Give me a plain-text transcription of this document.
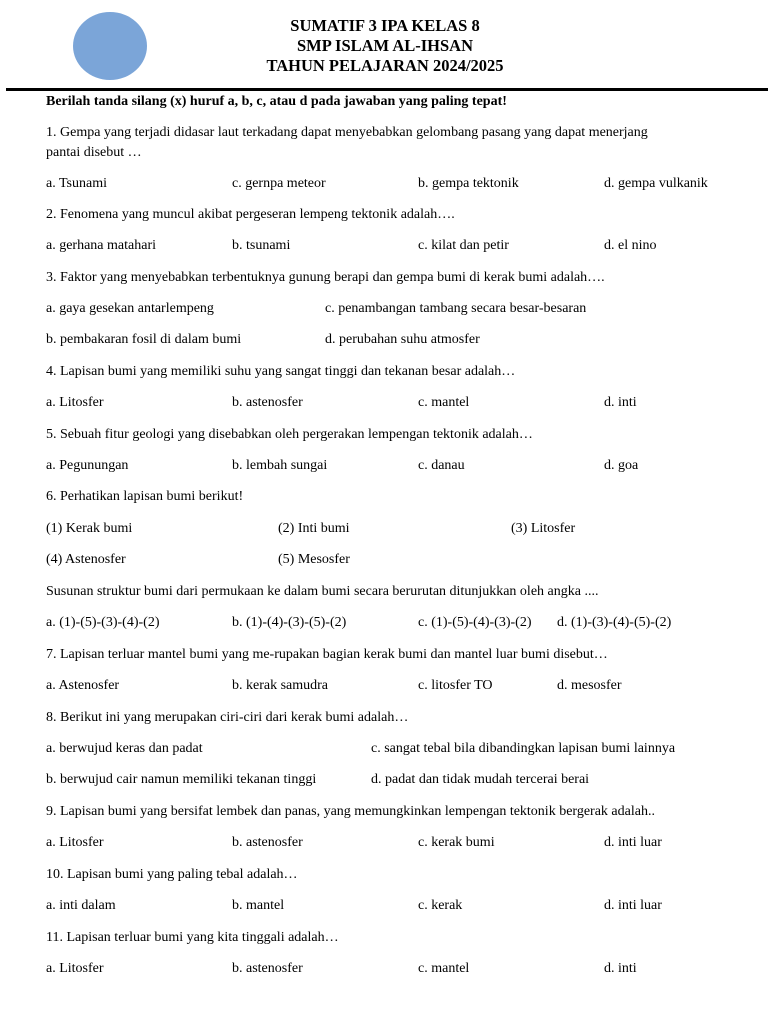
SUMATIF 3 IPA KELAS 8
SMP ISLAM AL-IHSAN
TAHUN PELAJARAN 2024/2025
Berilah tanda silang (x) huruf a, b, c, atau d pada jawaban yang paling tepat!
1. Gempa yang terjadi didasar laut terkadang dapat menyebabkan gelombang pasang yang dapat menerjang
pantai disebut …
a. Tsunami	c. gernpa meteor	b. gempa tektonik	d. gempa vulkanik
2. Fenomena yang muncul akibat pergeseran lempeng tektonik adalah….
a. gerhana matahari	b. tsunami	c. kilat dan petir	d. el nino
3. Faktor yang menyebabkan terbentuknya gunung berapi dan gempa bumi di kerak bumi adalah….
a. gaya gesekan antarlempeng	c. penambangan tambang secara besar-besaran
b. pembakaran fosil di dalam bumi	d. perubahan suhu atmosfer
4. Lapisan bumi yang memiliki suhu yang sangat tinggi dan tekanan besar adalah…
a. Litosfer	b. astenosfer	c. mantel	d. inti
5. Sebuah fitur geologi yang disebabkan oleh pergerakan lempengan tektonik adalah…
a. Pegunungan	b. lembah sungai	c. danau	d. goa
6. Perhatikan lapisan bumi berikut!
(1) Kerak bumi	(2) Inti bumi	(3) Litosfer
(4) Astenosfer	(5) Mesosfer
Susunan struktur bumi dari permukaan ke dalam bumi secara berurutan ditunjukkan oleh angka ....
a. (1)-(5)-(3)-(4)-(2)	b. (1)-(4)-(3)-(5)-(2)	c. (1)-(5)-(4)-(3)-(2) d. (1)-(3)-(4)-(5)-(2)
7. Lapisan terluar mantel bumi yang me-rupakan bagian kerak bumi dan mantel luar bumi disebut…
a. Astenosfer	b. kerak samudra	c. litosfer TO	d. mesosfer
8. Berikut ini yang merupakan ciri-ciri dari kerak bumi adalah…
a. berwujud keras dan padat	c. sangat tebal bila dibandingkan lapisan bumi lainnya
b. berwujud cair namun memiliki tekanan tinggi	d. padat dan tidak mudah tercerai berai
9. Lapisan bumi yang bersifat lembek dan panas, yang memungkinkan lempengan tektonik bergerak adalah..
a. Litosfer	b. astenosfer	c. kerak bumi	d. inti luar
10. Lapisan bumi yang paling tebal adalah…
a. inti dalam	b. mantel	c. kerak	d. inti luar
11. Lapisan terluar bumi yang kita tinggali adalah…
a. Litosfer	b. astenosfer	c. mantel	d. inti
